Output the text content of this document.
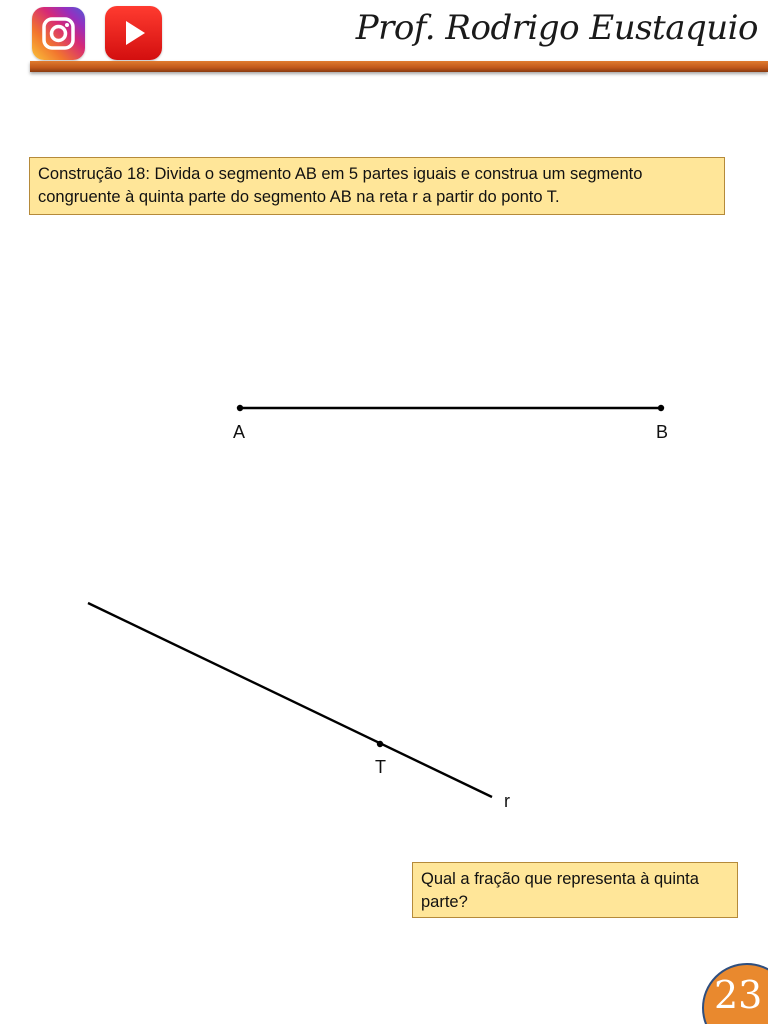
Prof. Rodrigo Eustaquio
Construção 18: Divida o segmento AB em 5 partes iguais e construa um segmento congruente à quinta parte do segmento AB na reta r a partir do ponto T.
A	B
T
r
Qual a fração que representa à quinta parte?
23
